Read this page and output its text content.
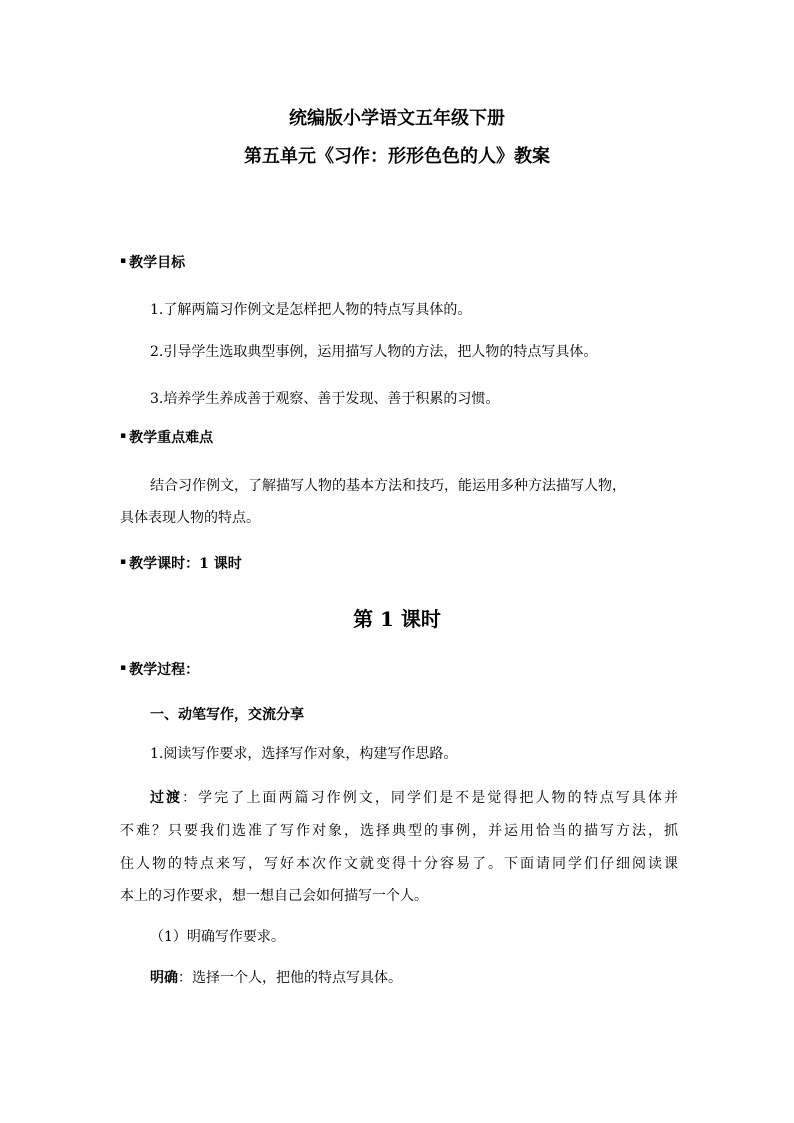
统编版小学语文五年级下册
第五单元《习作：形形色色的人》教案

▪ 教学目标

1.了解两篇习作例文是怎样把人物的特点写具体的。

2.引导学生选取典型事例，运用描写人物的方法，把人物的特点写具体。

3.培养学生养成善于观察、善于发现、善于积累的习惯。

▪ 教学重点难点

结合习作例文，了解描写人物的基本方法和技巧，能运用多种方法描写人物，

具体表现人物的特点。

▪ 教学课时：1 课时

第 1 课时

▪ 教学过程：

一、动笔写作，交流分享

1.阅读写作要求，选择写作对象，构建写作思路。

过渡：学完了上面两篇习作例文，同学们是不是觉得把人物的特点写具体并

不难？只要我们选准了写作对象，选择典型的事例，并运用恰当的描写方法，抓

住人物的特点来写，写好本次作文就变得十分容易了。下面请同学们仔细阅读课

本上的习作要求，想一想自己会如何描写一个人。

（1）明确写作要求。

明确：选择一个人，把他的特点写具体。
